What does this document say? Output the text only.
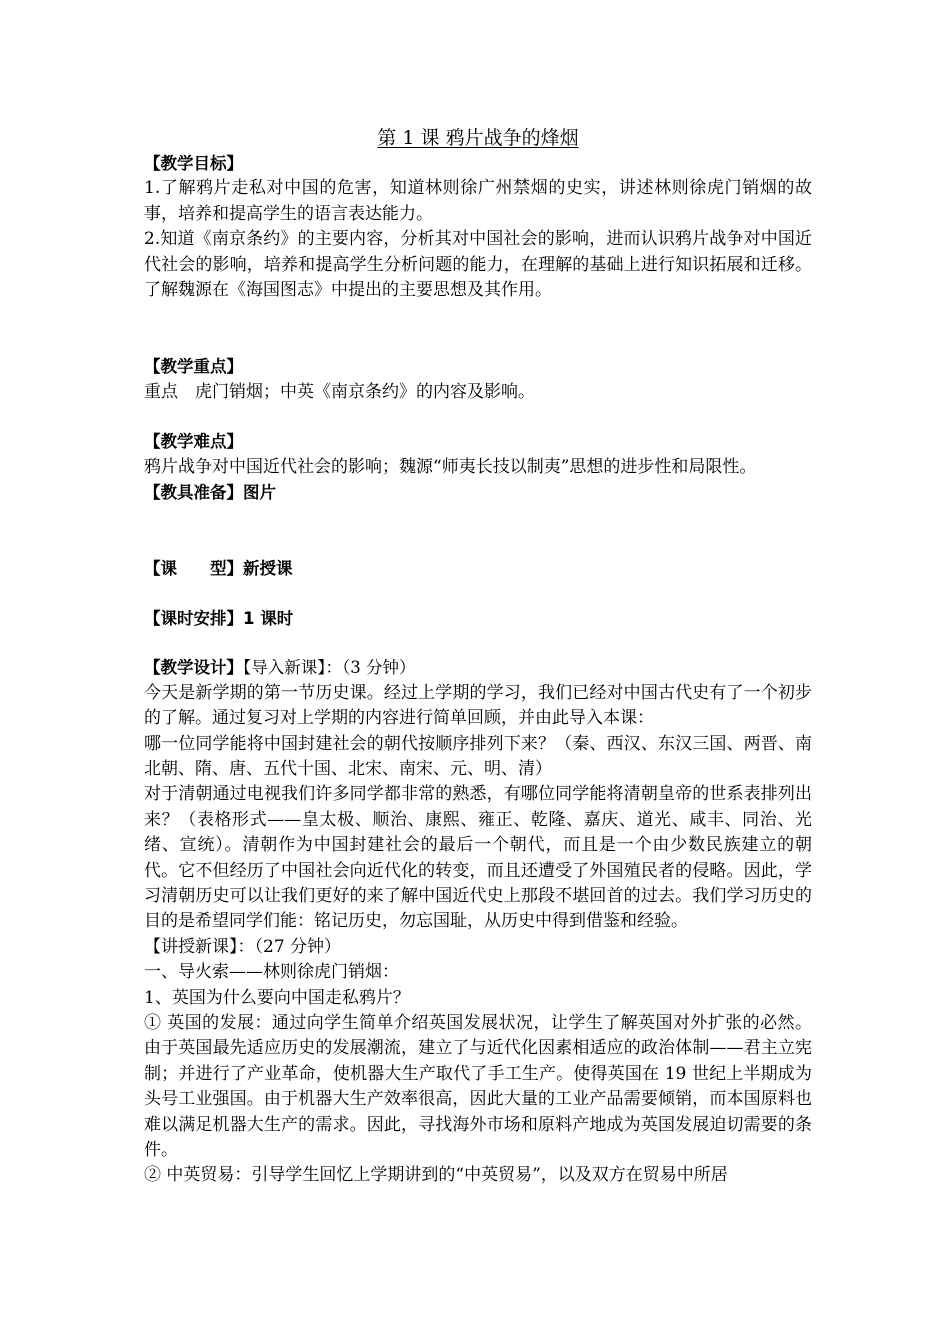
第 1 课 鸦片战争的烽烟

【教学目标】

1.了解鸦片走私对中国的危害，知道林则徐广州禁烟的史实，讲述林则徐虎门销烟的故事，培养和提高学生的语言表达能力。

2.知道《南京条约》的主要内容，分析其对中国社会的影响，进而认识鸦片战争对中国近代社会的影响，培养和提高学生分析问题的能力，在理解的基础上进行知识拓展和迁移。了解魏源在《海国图志》中提出的主要思想及其作用。

【教学重点】

重点　虎门销烟；中英《南京条约》的内容及影响。

【教学难点】

鸦片战争对中国近代社会的影响；魏源“师夷长技以制夷”思想的进步性和局限性。

【教具准备】图片

【课　　型】新授课

【课时安排】1 课时

【教学设计】【导入新课】：（3 分钟）

今天是新学期的第一节历史课。经过上学期的学习，我们已经对中国古代史有了一个初步的了解。通过复习对上学期的内容进行简单回顾，并由此导入本课：

哪一位同学能将中国封建社会的朝代按顺序排列下来？（秦、西汉、东汉三国、两晋、南北朝、隋、唐、五代十国、北宋、南宋、元、明、清）

对于清朝通过电视我们许多同学都非常的熟悉，有哪位同学能将清朝皇帝的世系表排列出来？（表格形式——皇太极、顺治、康熙、雍正、乾隆、嘉庆、道光、咸丰、同治、光绪、宣统）。清朝作为中国封建社会的最后一个朝代，而且是一个由少数民族建立的朝代。它不但经历了中国社会向近代化的转变，而且还遭受了外国殖民者的侵略。因此，学习清朝历史可以让我们更好的来了解中国近代史上那段不堪回首的过去。我们学习历史的目的是希望同学们能：铭记历史，勿忘国耻，从历史中得到借鉴和经验。

【讲授新课】：（27 分钟）

一、导火索——林则徐虎门销烟：

1、英国为什么要向中国走私鸦片？

① 英国的发展：通过向学生简单介绍英国发展状况，让学生了解英国对外扩张的必然。由于英国最先适应历史的发展潮流，建立了与近代化因素相适应的政治体制——君主立宪制；并进行了产业革命，使机器大生产取代了手工生产。使得英国在 19 世纪上半期成为头号工业强国。由于机器大生产效率很高，因此大量的工业产品需要倾销，而本国原料也难以满足机器大生产的需求。因此，寻找海外市场和原料产地成为英国发展迫切需要的条件。

② 中英贸易：引导学生回忆上学期讲到的“中英贸易”，以及双方在贸易中所居
